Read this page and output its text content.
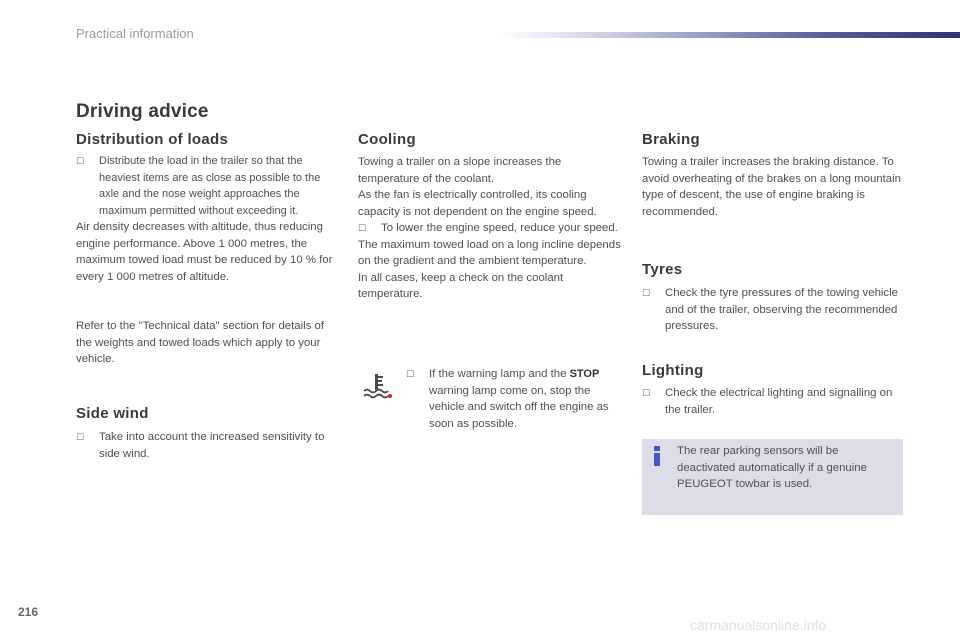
Practical information
Driving advice
Distribution of loads

☐ Distribute the load in the trailer so that the heaviest items are as close as possible to the axle and the nose weight approaches the maximum permitted without exceeding it.

Air density decreases with altitude, thus reducing engine performance. Above 1 000 metres, the maximum towed load must be reduced by 10 % for every 1 000 metres of altitude.

Refer to the "Technical data" section for details of the weights and towed loads which apply to your vehicle.

Side wind

☐ Take into account the increased sensitivity to side wind.

Cooling

Towing a trailer on a slope increases the temperature of the coolant.

As the fan is electrically controlled, its cooling capacity is not dependent on the engine speed.

☐ To lower the engine speed, reduce your speed.

The maximum towed load on a long incline depends on the gradient and the ambient temperature.

In all cases, keep a check on the coolant temperature.

☐ If the warning lamp and the STOP warning lamp come on, stop the vehicle and switch off the engine as soon as possible.

Braking

Towing a trailer increases the braking distance. To avoid overheating of the brakes on a long mountain type of descent, the use of engine braking is recommended.

Tyres

☐ Check the tyre pressures of the towing vehicle and of the trailer, observing the recommended pressures.

Lighting

☐ Check the electrical lighting and signalling on the trailer.

The rear parking sensors will be deactivated automatically if a genuine PEUGEOT towbar is used.

216
carmanualsonline.info
